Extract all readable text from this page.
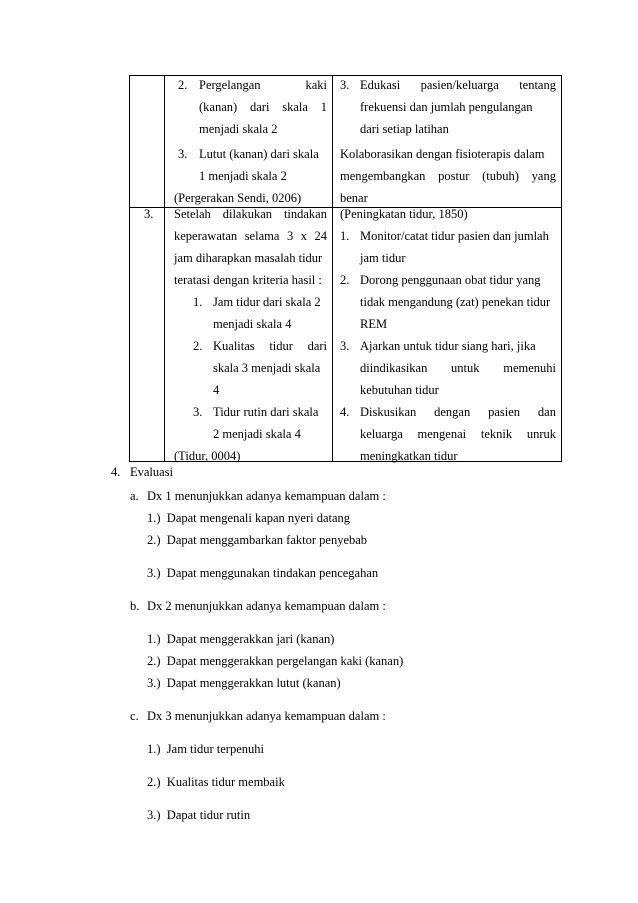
2. Pergelangan	kaki
(kanan) dari skala 1
menjadi skala 2
3. Lutut (kanan) dari skala
1 menjadi skala 2
(Pergerakan Sendi, 0206)
3. Edukasi pasien/keluarga tentang
frekuensi dan jumlah pengulangan
dari setiap latihan
Kolaborasikan dengan fisioterapis dalam
mengembangkan postur (tubuh) yang
benar
3. Setelah dilakukan tindakan
keperawatan selama 3 x 24
jam diharapkan masalah tidur
teratasi dengan kriteria hasil :
1. Jam tidur dari skala 2
menjadi skala 4
2. Kualitas tidur dari
skala 3 menjadi skala
4
3. Tidur rutin dari skala
2 menjadi skala 4
(Tidur, 0004)
(Peningkatan tidur, 1850)
1. Monitor/catat tidur pasien dan jumlah
jam tidur
2. Dorong penggunaan obat tidur yang
tidak mengandung (zat) penekan tidur
REM
3. Ajarkan untuk tidur siang hari, jika
diindikasikan untuk memenuhi
kebutuhan tidur
4. Diskusikan dengan pasien dan
keluarga mengenai teknik unruk
meningkatkan tidur
4. Evaluasi
a. Dx 1 menunjukkan adanya kemampuan dalam :
1.)  Dapat mengenali kapan nyeri datang
2.)  Dapat menggambarkan faktor penyebab
3.)  Dapat menggunakan tindakan pencegahan
b. Dx 2 menunjukkan adanya kemampuan dalam :
1.)  Dapat menggerakkan jari (kanan)
2.)  Dapat menggerakkan pergelangan kaki (kanan)
3.)  Dapat menggerakkan lutut (kanan)
c. Dx 3 menunjukkan adanya kemampuan dalam :
1.)  Jam tidur terpenuhi
2.)  Kualitas tidur membaik
3.)  Dapat tidur rutin
